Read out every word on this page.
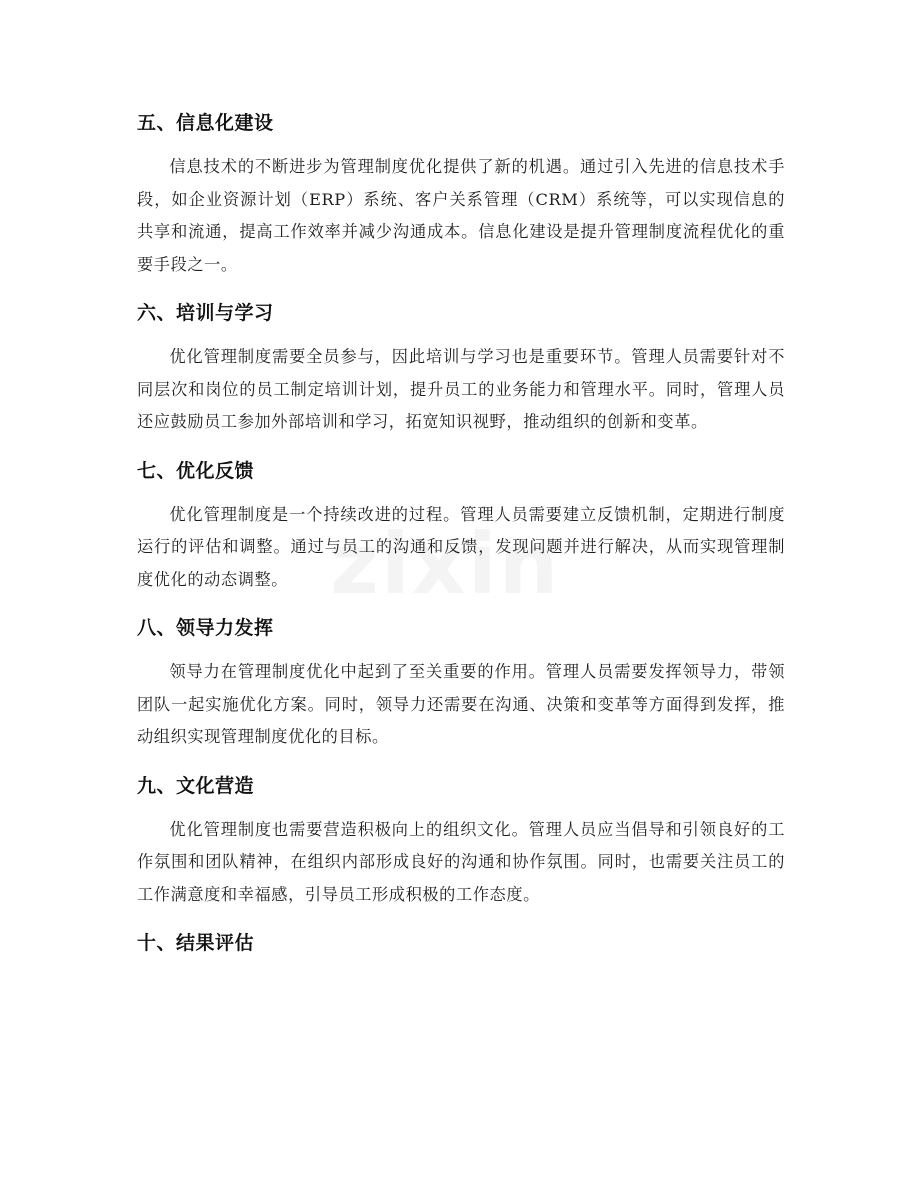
五、信息化建设

信息技术的不断进步为管理制度优化提供了新的机遇。通过引入先进的信息技术手段，如企业资源计划（ERP）系统、客户关系管理（CRM）系统等，可以实现信息的共享和流通，提高工作效率并减少沟通成本。信息化建设是提升管理制度流程优化的重要手段之一。

六、培训与学习

优化管理制度需要全员参与，因此培训与学习也是重要环节。管理人员需要针对不同层次和岗位的员工制定培训计划，提升员工的业务能力和管理水平。同时，管理人员还应鼓励员工参加外部培训和学习，拓宽知识视野，推动组织的创新和变革。

七、优化反馈

优化管理制度是一个持续改进的过程。管理人员需要建立反馈机制，定期进行制度运行的评估和调整。通过与员工的沟通和反馈，发现问题并进行解决，从而实现管理制度优化的动态调整。

八、领导力发挥

领导力在管理制度优化中起到了至关重要的作用。管理人员需要发挥领导力，带领团队一起实施优化方案。同时，领导力还需要在沟通、决策和变革等方面得到发挥，推动组织实现管理制度优化的目标。

九、文化营造

优化管理制度也需要营造积极向上的组织文化。管理人员应当倡导和引领良好的工作氛围和团队精神，在组织内部形成良好的沟通和协作氛围。同时，也需要关注员工的工作满意度和幸福感，引导员工形成积极的工作态度。

十、结果评估
